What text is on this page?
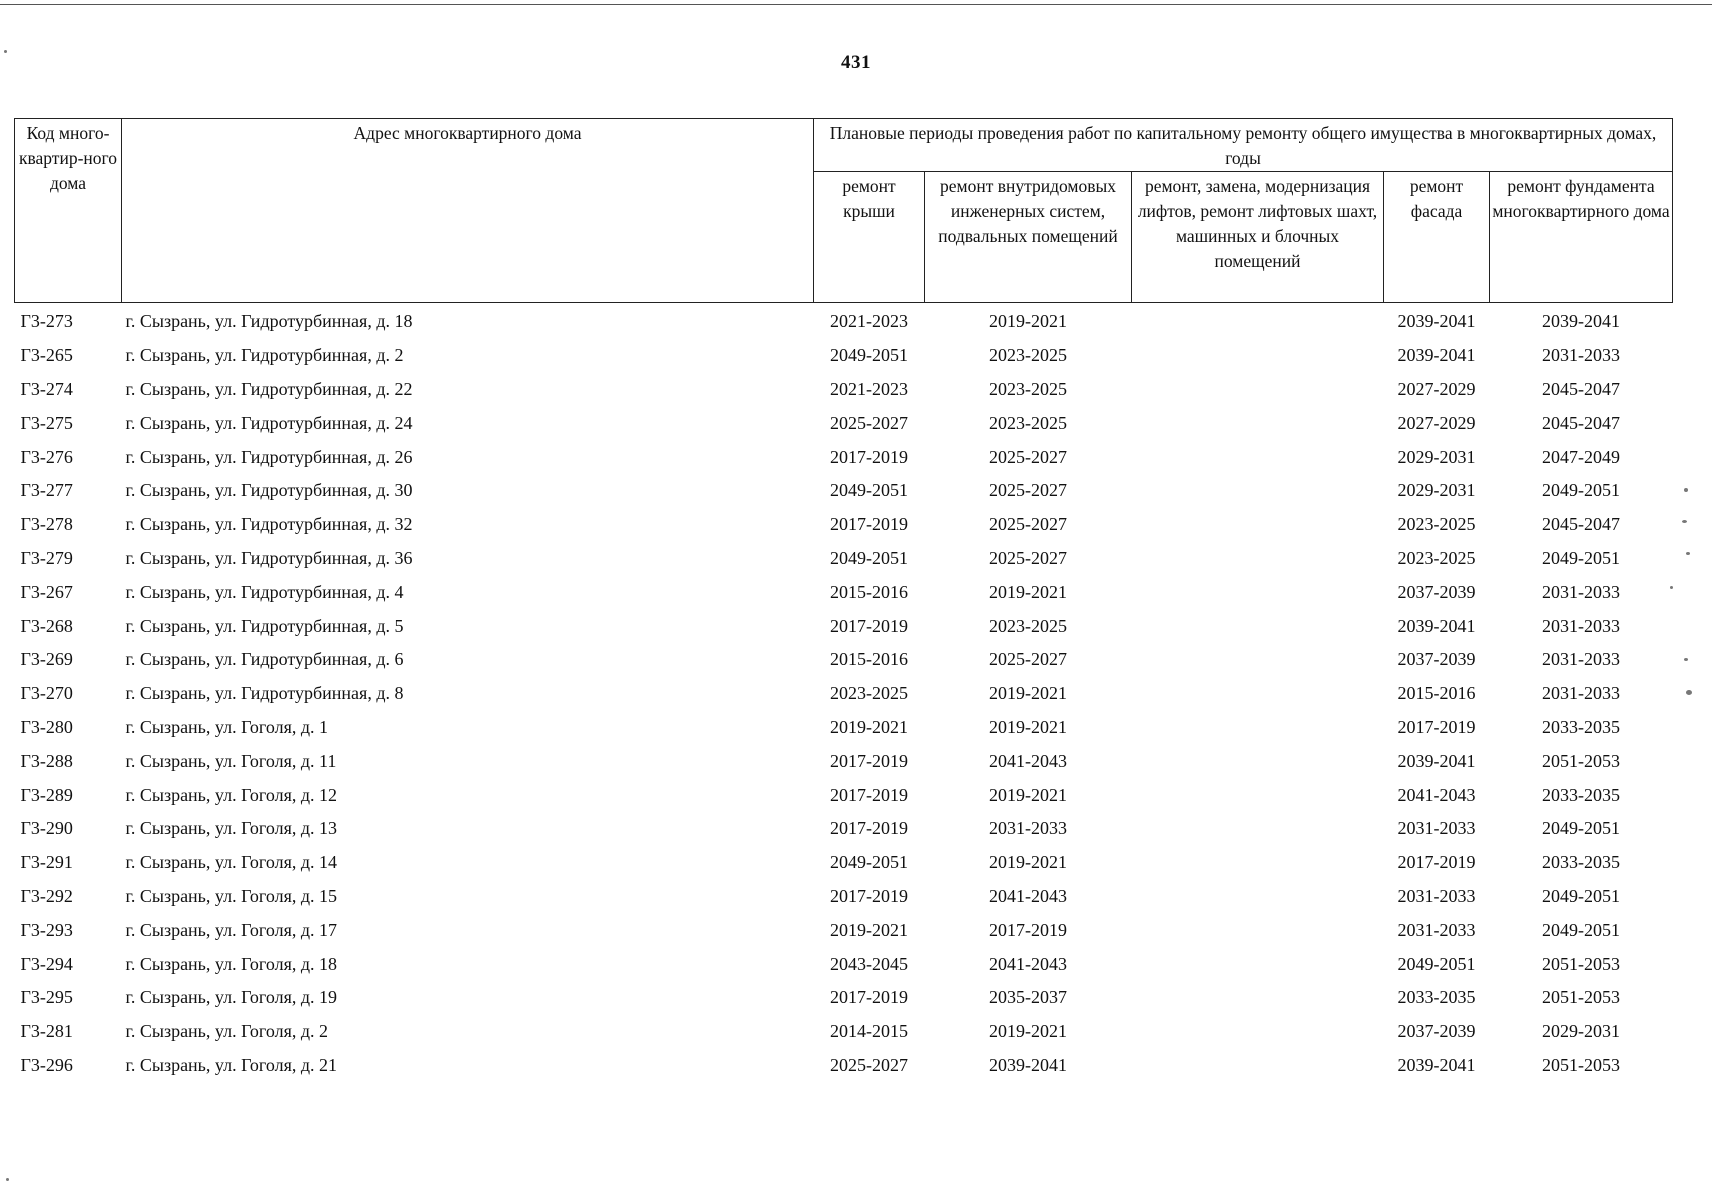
431
Код много-квартир-ного дома	Адрес многоквартирного дома	Плановые периоды проведения работ по капитальному ремонту общего имущества в многоквартирных домах, годы				
		ремонт крыши	ремонт внутридомовых инженерных систем, подвальных помещений	ремонт, замена, модернизация лифтов, ремонт лифтовых шахт, машинных и блочных помещений	ремонт фасада	ремонт фундамента многоквартирного дома
Г3-273	г. Сызрань, ул. Гидротурбинная, д. 18	2021-2023	2019-2021		2039-2041	2039-2041
Г3-265	г. Сызрань, ул. Гидротурбинная, д. 2	2049-2051	2023-2025		2039-2041	2031-2033
Г3-274	г. Сызрань, ул. Гидротурбинная, д. 22	2021-2023	2023-2025		2027-2029	2045-2047
Г3-275	г. Сызрань, ул. Гидротурбинная, д. 24	2025-2027	2023-2025		2027-2029	2045-2047
Г3-276	г. Сызрань, ул. Гидротурбинная, д. 26	2017-2019	2025-2027		2029-2031	2047-2049
Г3-277	г. Сызрань, ул. Гидротурбинная, д. 30	2049-2051	2025-2027		2029-2031	2049-2051
Г3-278	г. Сызрань, ул. Гидротурбинная, д. 32	2017-2019	2025-2027		2023-2025	2045-2047
Г3-279	г. Сызрань, ул. Гидротурбинная, д. 36	2049-2051	2025-2027		2023-2025	2049-2051
Г3-267	г. Сызрань, ул. Гидротурбинная, д. 4	2015-2016	2019-2021		2037-2039	2031-2033
Г3-268	г. Сызрань, ул. Гидротурбинная, д. 5	2017-2019	2023-2025		2039-2041	2031-2033
Г3-269	г. Сызрань, ул. Гидротурбинная, д. 6	2015-2016	2025-2027		2037-2039	2031-2033
Г3-270	г. Сызрань, ул. Гидротурбинная, д. 8	2023-2025	2019-2021		2015-2016	2031-2033
Г3-280	г. Сызрань, ул. Гоголя, д. 1	2019-2021	2019-2021		2017-2019	2033-2035
Г3-288	г. Сызрань, ул. Гоголя, д. 11	2017-2019	2041-2043		2039-2041	2051-2053
Г3-289	г. Сызрань, ул. Гоголя, д. 12	2017-2019	2019-2021		2041-2043	2033-2035
Г3-290	г. Сызрань, ул. Гоголя, д. 13	2017-2019	2031-2033		2031-2033	2049-2051
Г3-291	г. Сызрань, ул. Гоголя, д. 14	2049-2051	2019-2021		2017-2019	2033-2035
Г3-292	г. Сызрань, ул. Гоголя, д. 15	2017-2019	2041-2043		2031-2033	2049-2051
Г3-293	г. Сызрань, ул. Гоголя, д. 17	2019-2021	2017-2019		2031-2033	2049-2051
Г3-294	г. Сызрань, ул. Гоголя, д. 18	2043-2045	2041-2043		2049-2051	2051-2053
Г3-295	г. Сызрань, ул. Гоголя, д. 19	2017-2019	2035-2037		2033-2035	2051-2053
Г3-281	г. Сызрань, ул. Гоголя, д. 2	2014-2015	2019-2021		2037-2039	2029-2031
Г3-296	г. Сызрань, ул. Гоголя, д. 21	2025-2027	2039-2041		2039-2041	2051-2053
